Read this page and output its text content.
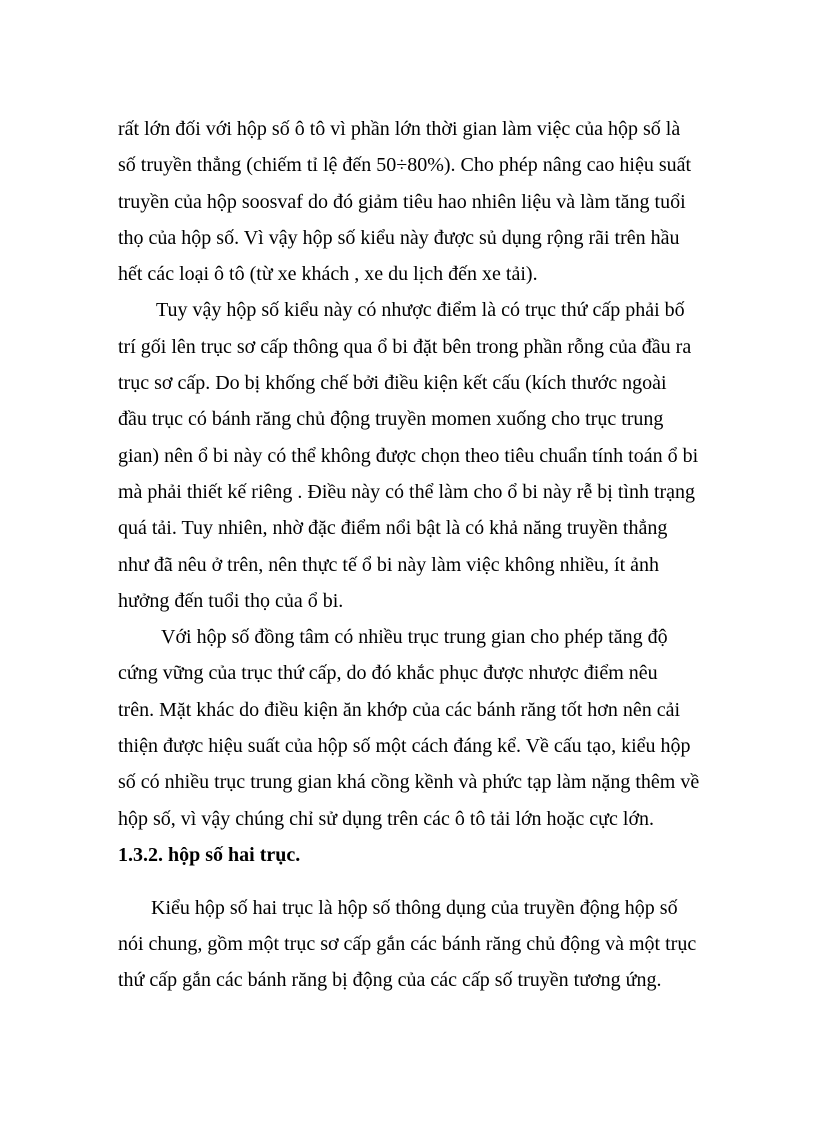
rất lớn đối với hộp số ô tô vì phần lớn thời gian làm việc của hộp số là
số truyền thẳng (chiếm tỉ lệ đến 50÷80%). Cho phép nâng cao hiệu suất
truyền của hộp soosvaf do đó giảm tiêu hao nhiên liệu và làm tăng tuổi
thọ của hộp số. Vì vậy hộp số kiểu này được sủ dụng rộng rãi trên hầu
hết các loại ô tô (từ xe khách , xe du lịch đến xe tải).

Tuy vậy hộp số kiểu này có nhược điểm là có trục thứ cấp phải bố
trí gối lên trục sơ cấp thông qua ổ bi đặt bên trong phần rỗng của đầu ra
trục sơ cấp. Do bị khống chế bởi điều kiện kết cấu (kích thước ngoài
đầu trục có bánh răng chủ động truyền momen xuống cho trục trung
gian) nên ổ bi này có thể không được chọn theo tiêu chuẩn tính toán ổ bi
mà phải thiết kế riêng . Điều này có thể làm cho ổ bi này rễ bị tình trạng
quá tải. Tuy nhiên, nhờ đặc điểm nổi bật là có khả năng truyền thẳng
như đã nêu ở trên, nên thực tế ổ bi này làm việc không nhiều, ít ảnh
hưởng đến tuổi thọ của ổ bi.

Với hộp số đồng tâm có nhiều trục trung gian cho phép tăng độ
cứng vững của trục thứ cấp, do đó khắc phục được nhược điểm nêu
trên. Mặt khác do điều kiện ăn khớp của các bánh răng tốt hơn nên cải
thiện được hiệu suất của hộp số một cách đáng kể. Về cấu tạo, kiểu hộp
số có nhiều trục trung gian khá cồng kềnh và phức tạp làm nặng thêm về
hộp số, vì vậy chúng chỉ sử dụng trên các ô tô tải lớn hoặc cực lớn.

1.3.2. hộp số hai trục.

Kiểu hộp số hai trục là hộp số thông dụng của truyền động hộp số
nói chung, gồm một trục sơ cấp gắn các bánh răng chủ động và một trục
thứ cấp gắn các bánh răng bị động của các cấp số truyền tương ứng.
